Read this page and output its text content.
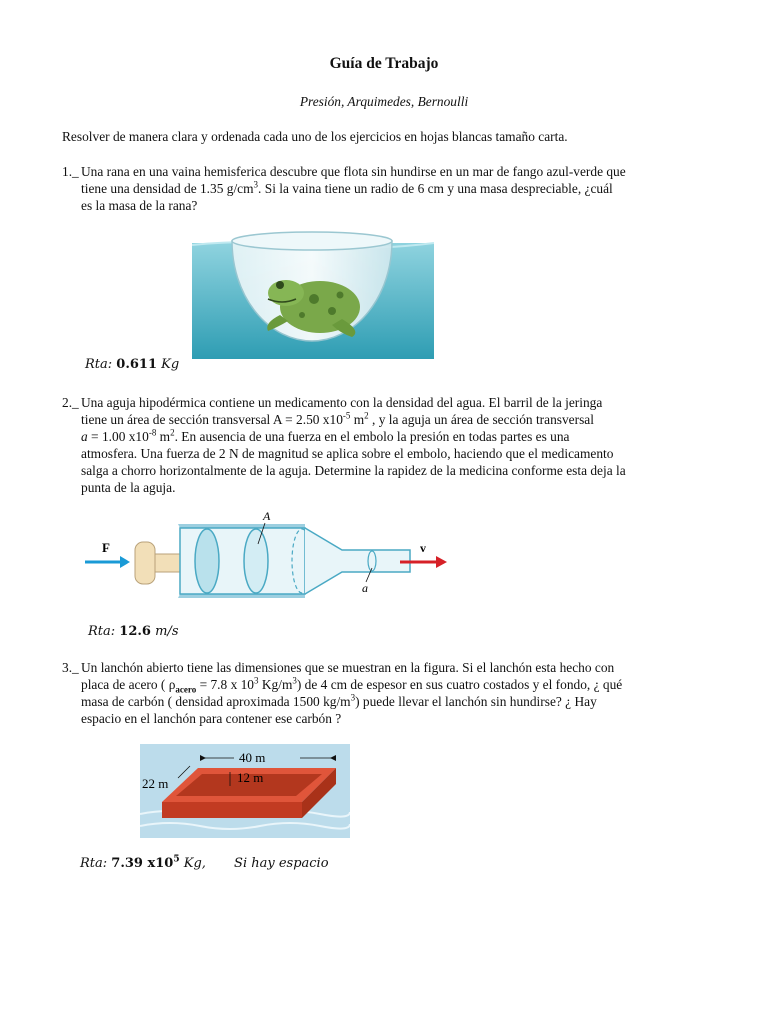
Guía de Trabajo
Presión, Arquimedes, Bernoulli
Resolver de manera clara y ordenada cada uno de los ejercicios en hojas blancas tamaño carta.
1._ Una rana en una vaina hemisferica descubre que flota sin hundirse en un mar de fango azul-verde que
tiene una densidad de 1.35 $g/cm^3$. Si la vaina tiene un radio de 6 cm y una masa despreciable, ¿cuál
es la masa de la rana?
Rta: 0.611 Kg
2._ Una aguja hipodérmica contiene un medicamento con la densidad del agua. El barril de la jeringa
tiene un área de sección transversal A = 2.50 $x10^{-5}$ $m^2$ , y la aguja un área de sección transversal
a = 1.00 $x10^{-8}$ $m^2$. En ausencia de una fuerza en el embolo la presión en todas partes es una
atmosfera. Una fuerza de 2 N de magnitud se aplica sobre el embolo, haciendo que el medicamento
salga a chorro horizontalmente de la aguja. Determine la rapidez de la medicina conforme esta deja la
punta de la aguja.
F
A
a
v
Rta: 12.6 m/s
3._ Un lanchón abierto tiene las dimensiones que se muestran en la figura. Si el lanchón esta hecho con
placa de acero ( $\rho_{acero} = 7.8$ x $10^3$ $Kg/m^3$) de 4 cm de espesor en sus cuatro costados y el fondo, ¿ qué
masa de carbón ( densidad aproximada 1500 $kg/m^3$) puede llevar el lanchón sin hundirse? ¿ Hay
espacio en el lanchón para contener ese carbón ?
40 m
12 m
22 m
Rta: 7.39 $x10^5$ Kg, Si hay espacio
